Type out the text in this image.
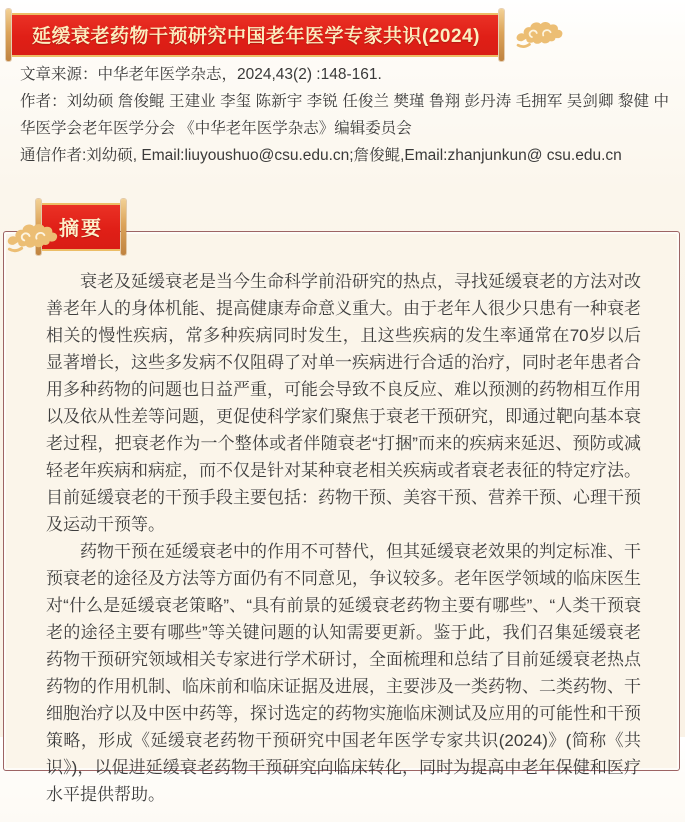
延缓衰老药物干预研究中国老年医学专家共识(2024)

文章来源：中华老年医学杂志，2024,43(2) :148-161.

作者：刘幼硕 詹俊鲲 王建业 李玺 陈新宇 李锐 任俊兰 樊瑾 鲁翔 彭丹涛 毛拥军 吴剑卿 黎健 中华医学会老年医学分会 《中华老年医学杂志》编辑委员会

通信作者:刘幼硕, Email:liuyoushuo@csu.edu.cn;詹俊鲲,Email:zhanjunkun@ csu.edu.cn

衰老及延缓衰老是当今生命科学前沿研究的热点，寻找延缓衰老的方法对改善老年人的身体机能、提高健康寿命意义重大。由于老年人很少只患有一种衰老相关的慢性疾病，常多种疾病同时发生，且这些疾病的发生率通常在70岁以后显著增长，这些多发病不仅阻碍了对单一疾病进行合适的治疗，同时老年患者合用多种药物的问题也日益严重，可能会导致不良反应、难以预测的药物相互作用以及依从性差等问题，更促使科学家们聚焦于衰老干预研究，即通过靶向基本衰老过程，把衰老作为一个整体或者伴随衰老“打捆”而来的疾病来延迟、预防或减轻老年疾病和病症，而不仅是针对某种衰老相关疾病或者衰老表征的特定疗法。目前延缓衰老的干预手段主要包括：药物干预、美容干预、营养干预、心理干预及运动干预等。

药物干预在延缓衰老中的作用不可替代，但其延缓衰老效果的判定标准、干预衰老的途径及方法等方面仍有不同意见，争议较多。老年医学领域的临床医生对“什么是延缓衰老策略”、“具有前景的延缓衰老药物主要有哪些”、“人类干预衰老的途径主要有哪些”等关键问题的认知需要更新。鉴于此，我们召集延缓衰老药物干预研究领域相关专家进行学术研讨，全面梳理和总结了目前延缓衰老热点药物的作用机制、临床前和临床证据及进展，主要涉及一类药物、二类药物、干细胞治疗以及中医中药等，探讨选定的药物实施临床测试及应用的可能性和干预策略，形成《延缓衰老药物干预研究中国老年医学专家共识(2024)》(简称《共识》)，以促进延缓衰老药物干预研究向临床转化，同时为提高中老年保健和医疗水平提供帮助。

摘要
